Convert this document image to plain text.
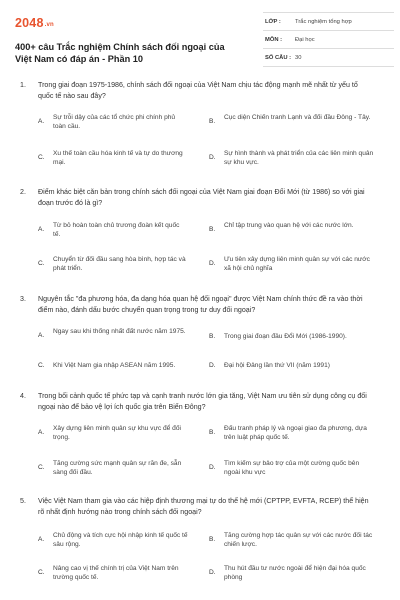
2048.vn
400+ câu Trắc nghiệm Chính sách đối ngoại của Việt Nam có đáp án - Phần 10
LỚP :	Trắc nghiệm tổng hợp
MÔN :	Đại học
SỐ CÂU : 30
1.	Trong giai đoạn 1975-1986, chính sách đối ngoại của Việt Nam chịu tác động mạnh mẽ nhất từ yếu tố quốc tế nào sau đây?
A.
Sự trỗi dậy của các tổ chức phi chính phủ toàn cầu.
B.
Cục diện Chiến tranh Lạnh và đối đầu Đông - Tây.
C.
Xu thế toàn cầu hóa kinh tế và tự do thương mại.
D.
Sự hình thành và phát triển của các liên minh quân sự khu vực.
2.	Điểm khác biệt căn bản trong chính sách đối ngoại của Việt Nam giai đoạn Đổi Mới (từ 1986) so với giai đoạn trước đó là gì?
A.
Từ bỏ hoàn toàn chủ trương đoàn kết quốc tế.
B.
Chỉ tập trung vào quan hệ với các nước lớn.
C.
Chuyển từ đối đầu sang hòa bình, hợp tác và phát triển.
D.
Ưu tiên xây dựng liên minh quân sự với các nước xã hội chủ nghĩa
3.	Nguyên tắc "đa phương hóa, đa dạng hóa quan hệ đối ngoại" được Việt Nam chính thức đề ra vào thời điểm nào, đánh dấu bước chuyển quan trọng trong tư duy đối ngoại?
A.
Ngay sau khi thống nhất đất nước năm 1975.
B. Trong giai đoạn đầu Đổi Mới (1986-1990).
C. Khi Việt Nam gia nhập ASEAN năm 1995.	D. Đại hội Đảng lần thứ VII (năm 1991)
4.	Trong bối cảnh quốc tế phức tạp và cạnh tranh nước lớn gia tăng, Việt Nam ưu tiên sử dụng công cụ đối ngoại nào để bảo vệ lợi ích quốc gia trên Biển Đông?
A.
Xây dựng liên minh quân sự khu vực để đối trọng.
B.
Đấu tranh pháp lý và ngoại giao đa phương, dựa trên luật pháp quốc tế.
C.
Tăng cường sức mạnh quân sự răn đe, sẵn sàng đối đầu.
D.
Tìm kiếm sự bảo trợ của một cường quốc bên ngoài khu vực
5.	Việc Việt Nam tham gia vào các hiệp định thương mại tự do thế hệ mới (CPTPP, EVFTA, RCEP) thể hiện rõ nhất định hướng nào trong chính sách đối ngoại?
A.
Chủ động và tích cực hội nhập kinh tế quốc tế sâu rộng.
B.
Tăng cường hợp tác quân sự với các nước đối tác chiến lược.
C.
Nâng cao vị thế chính trị của Việt Nam trên trường quốc tế.
D.
Thu hút đầu tư nước ngoài để hiện đại hóa quốc phòng
